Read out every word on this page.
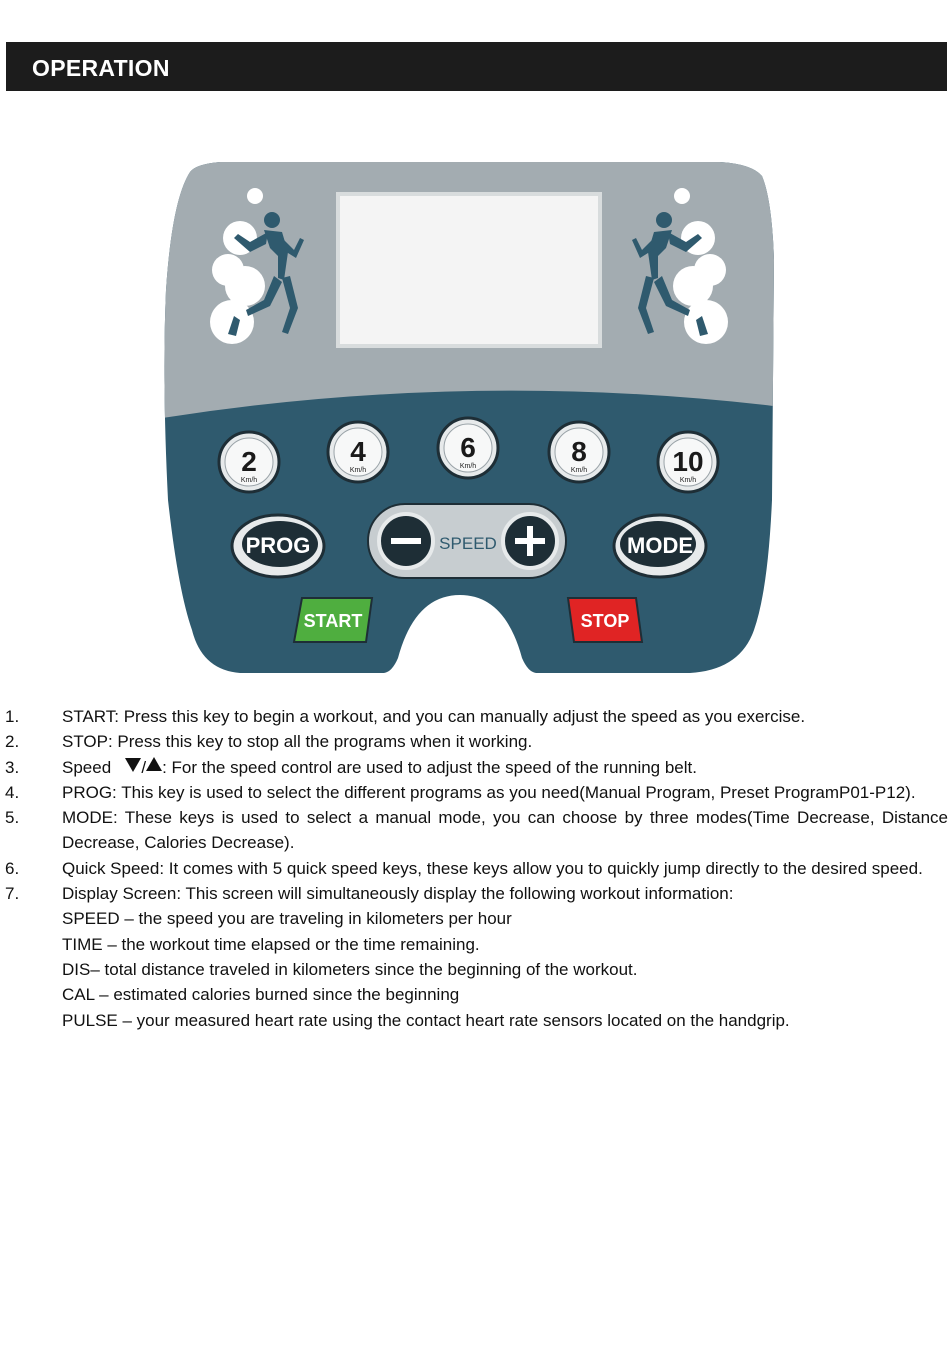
OPERATION
2
Km/h
4
Km/h
6
Km/h	8
Km/h	10
Km/h
PROG	MODE
SPEED
START	STOP
1.	START: Press this key to begin a workout, and you can manually adjust the speed as you exercise.
2.	STOP: Press this key to stop all the programs when it working.
3.	Speed / : For the speed control are used to adjust the speed of the running belt.
4.	PROG: This key is used to select the different programs as you need(Manual Program, Preset ProgramP01-P12).
5.	MODE: These keys is used to select a manual mode, you can choose by three modes(Time Decrease, Distance Decrease, Calories Decrease).
6.	Quick Speed: It comes with 5 quick speed keys, these keys allow you to quickly jump directly to the desired speed.
7.	Display Screen: This screen will simultaneously display the following workout information:
SPEED – the speed you are traveling in kilometers per hour
TIME – the workout time elapsed or the time remaining.
DIS– total distance traveled in kilometers since the beginning of the workout.
CAL – estimated calories burned since the beginning
PULSE – your measured heart rate using the contact heart rate sensors located on the handgrip.
